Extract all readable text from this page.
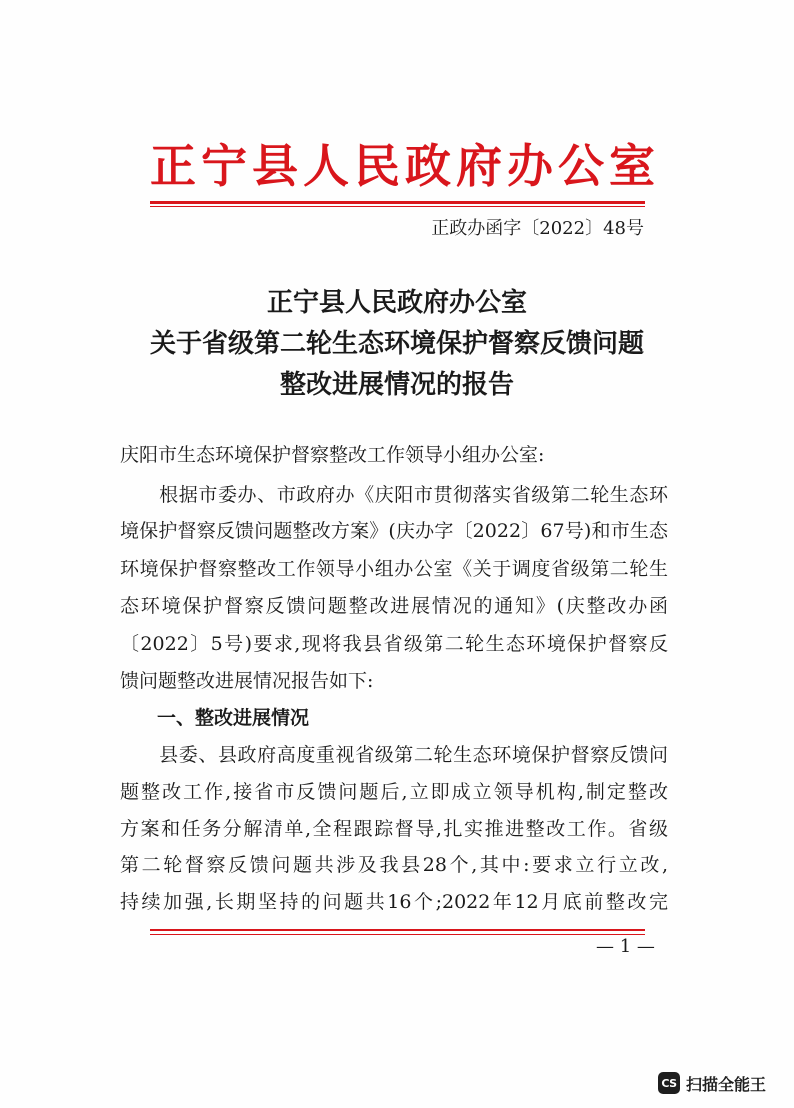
正宁县人民政府办公室
正政办函字〔2022〕48号
正宁县人民政府办公室
关于省级第二轮生态环境保护督察反馈问题
整改进展情况的报告
庆阳市生态环境保护督察整改工作领导小组办公室:
　　根据市委办、市政府办《庆阳市贯彻落实省级第二轮生态环
境保护督察反馈问题整改方案》(庆办字〔2022〕67号)和市生态
环境保护督察整改工作领导小组办公室《关于调度省级第二轮生
态环境保护督察反馈问题整改进展情况的通知》(庆整改办函
〔2022〕5号)要求,现将我县省级第二轮生态环境保护督察反
馈问题整改进展情况报告如下:
一、整改进展情况
　　县委、县政府高度重视省级第二轮生态环境保护督察反馈问
题整改工作,接省市反馈问题后,立即成立领导机构,制定整改
方案和任务分解清单,全程跟踪督导,扎实推进整改工作。省级
第二轮督察反馈问题共涉及我县28个,其中:要求立行立改,
持续加强,长期坚持的问题共16个;2022年12月底前整改完
— 1 —
CS 扫描全能王
